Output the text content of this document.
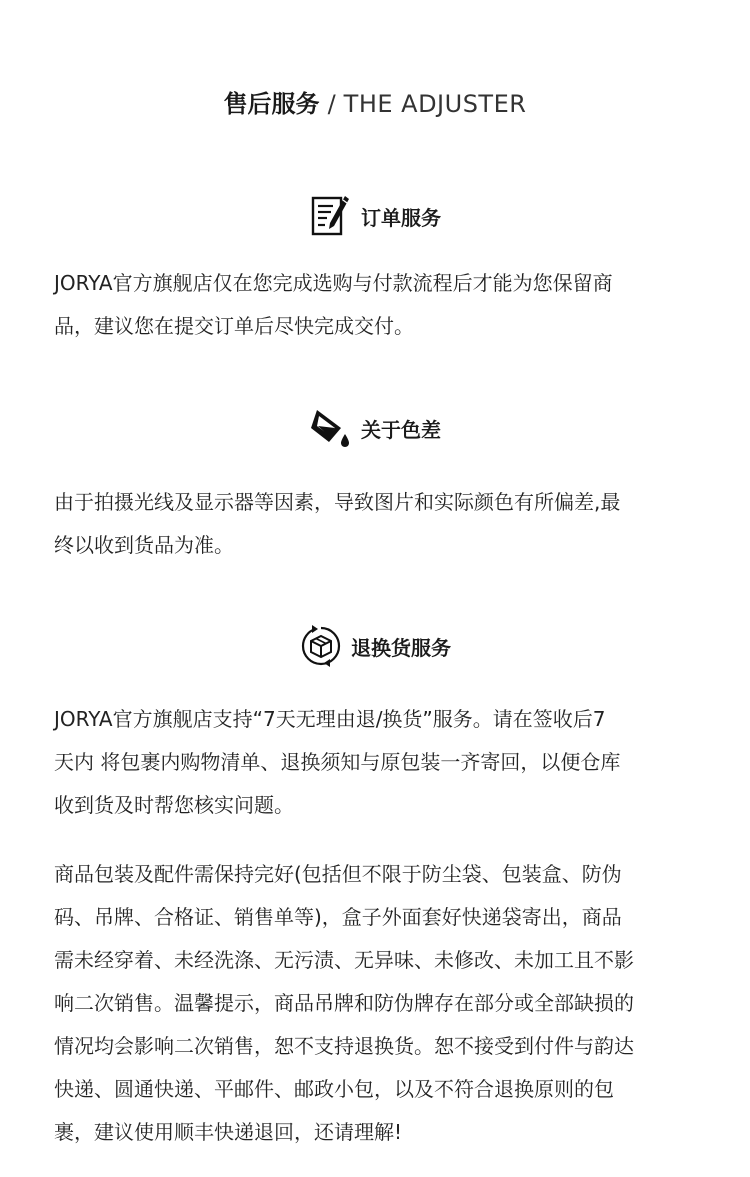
售后服务 / THE ADJUSTER
订单服务

JORYA官方旗舰店仅在您完成选购与付款流程后才能为您保留商
品，建议您在提交订单后尽快完成交付。

关于色差

由于拍摄光线及显示器等因素，导致图片和实际颜色有所偏差,最
终以收到货品为准。

退换货服务

JORYA官方旗舰店支持“7天无理由退/换货”服务。请在签收后7
天内 将包裹内购物清单、退换须知与原包装一齐寄回，以便仓库
收到货及时帮您核实问题。

商品包装及配件需保持完好(包括但不限于防尘袋、包装盒、防伪
码、吊牌、合格证、销售单等)，盒子外面套好快递袋寄出，商品
需未经穿着、未经洗涤、无污渍、无异味、未修改、未加工且不影
响二次销售。温馨提示，商品吊牌和防伪牌存在部分或全部缺损的
情况均会影响二次销售，恕不支持退换货。恕不接受到付件与韵达
快递、圆通快递、平邮件、邮政小包，以及不符合退换原则的包
裹，建议使用顺丰快递退回，还请理解!
